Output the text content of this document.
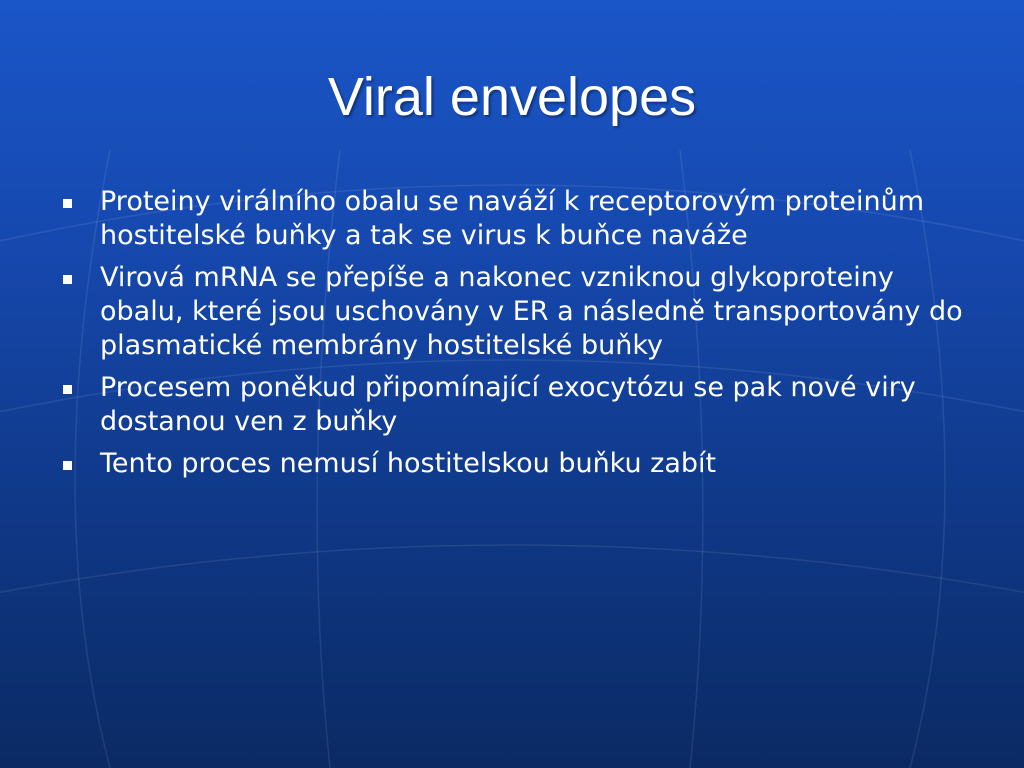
Viral envelopes
Proteiny virálního obalu se naváží k receptorovým proteinům hostitelské buňky a tak se virus k buňce naváže
Virová mRNA se přepíše a nakonec vzniknou glykoproteiny obalu, které jsou uschovány v ER a následně transportovány do plasmatické membrány hostitelské buňky
Procesem poněkud připomínající exocytózu se pak nové viry dostanou ven z buňky
Tento proces nemusí hostitelskou buňku zabít
